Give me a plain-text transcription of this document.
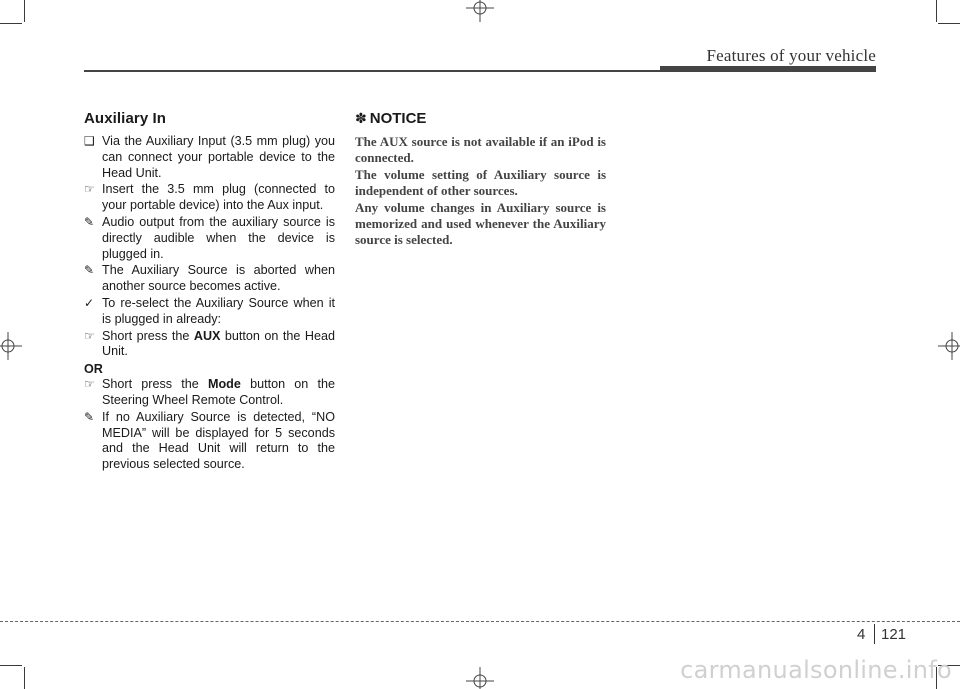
Features of your vehicle
Auxiliary In
❑ Via the Auxiliary Input (3.5 mm plug) you can connect your portable device to the Head Unit.
☞ Insert the 3.5 mm plug (connected to your portable device) into the Aux input.
✎ Audio output from the auxiliary source is directly audible when the device is plugged in.
✎ The Auxiliary Source is aborted when another source becomes active.
✓ To re-select the Auxiliary Source when it is plugged in already:
☞ Short press the AUX button on the Head Unit.
OR
☞ Short press the Mode button on the Steering Wheel Remote Control.
✎ If no Auxiliary Source is detected, “NO MEDIA” will be displayed for 5 seconds and the Head Unit will return to the previous selected source.
✽ NOTICE
The AUX source is not available if an iPod is connected.
The volume setting of Auxiliary source is independent of other sources.
Any volume changes in Auxiliary source is memorized and used whenever the Auxiliary source is selected.
4 121
carmanualsonline.info
